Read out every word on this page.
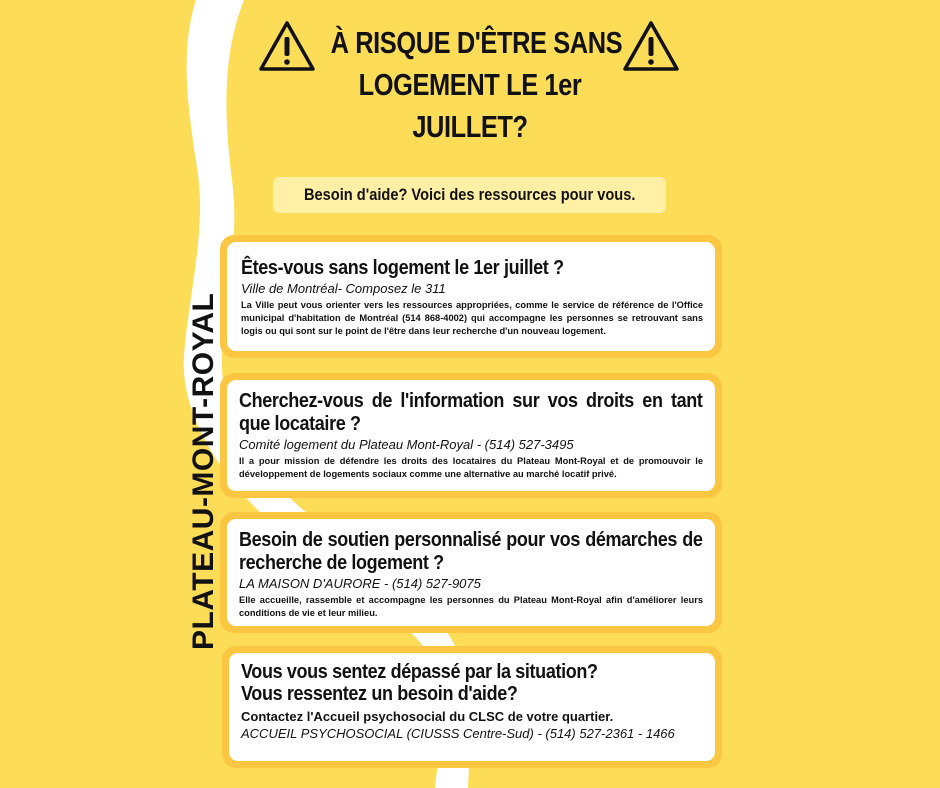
À RISQUE D'ÊTRE SANS
LOGEMENT LE 1er
JUILLET?
Besoin d'aide? Voici des ressources pour vous.
PLATEAU-MONT-ROYAL
Êtes-vous sans logement le 1er juillet ?
Ville de Montréal- Composez le 311
La Ville peut vous orienter vers les ressources appropriées, comme le service de référence de l'Office municipal d'habitation de Montréal (514 868-4002) qui accompagne les personnes se retrouvant sans logis ou qui sont sur le point de l'être dans leur recherche d'un nouveau logement.
Cherchez-vous de l'information sur vos droits en tant que locataire ?
Comité logement du Plateau Mont-Royal - (514) 527-3495
Il a pour mission de défendre les droits des locataires du Plateau Mont-Royal et de promouvoir le développement de logements sociaux comme une alternative au marché locatif privé.
Besoin de soutien personnalisé pour vos démarches de recherche de logement ?
LA MAISON D'AURORE - (514) 527-9075
Elle accueille, rassemble et accompagne les personnes du Plateau Mont-Royal afin d'améliorer leurs conditions de vie et leur milieu.
Vous vous sentez dépassé par la situation?
Vous ressentez un besoin d'aide?
Contactez l'Accueil psychosocial du CLSC de votre quartier.
ACCUEIL PSYCHOSOCIAL (CIUSSS Centre-Sud) - (514) 527-2361 - 1466
